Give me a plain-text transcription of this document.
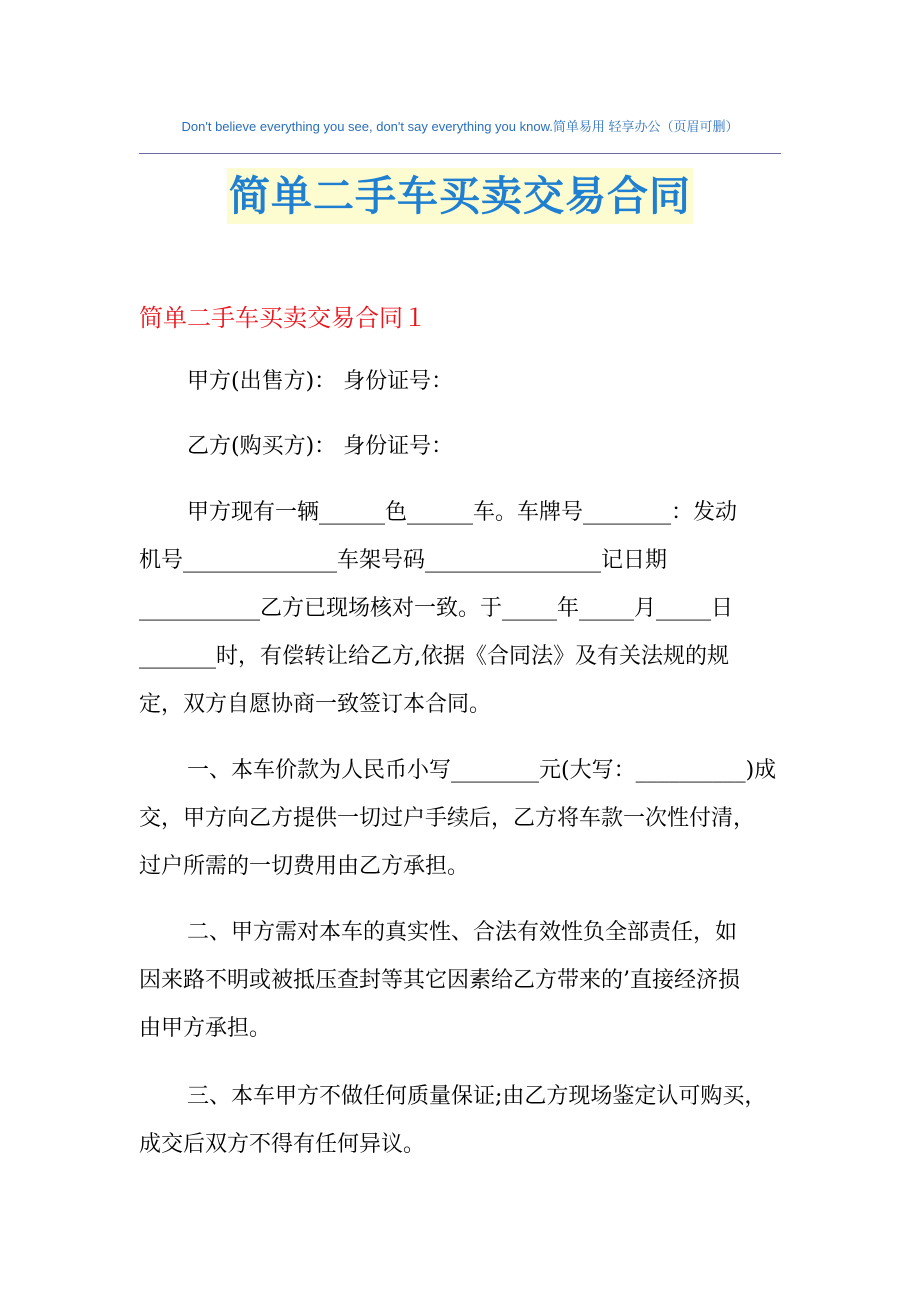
Don't believe everything you see, don't say everything you know.简单易用 轻享办公（页眉可删）
简单二手车买卖交易合同
简单二手车买卖交易合同１
甲方(出售方)： 身份证号：
乙方(购买方)： 身份证号：
甲方现有一辆______色______车。车牌号________：发动
机号______________车架号码________________记日期
___________乙方已现场核对一致。于_____年_____月_____日
_______时，有偿转让给乙方,依据《合同法》及有关法规的规
定，双方自愿协商一致签订本合同。
一、本车价款为人民币小写________元(大写：__________)成
交，甲方向乙方提供一切过户手续后，乙方将车款一次性付清，
过户所需的一切费用由乙方承担。
二、甲方需对本车的真实性、合法有效性负全部责任，如
因来路不明或被抵压查封等其它因素给乙方带来的’直接经济损
由甲方承担。
三、本车甲方不做任何质量保证;由乙方现场鉴定认可购买，
成交后双方不得有任何异议。
